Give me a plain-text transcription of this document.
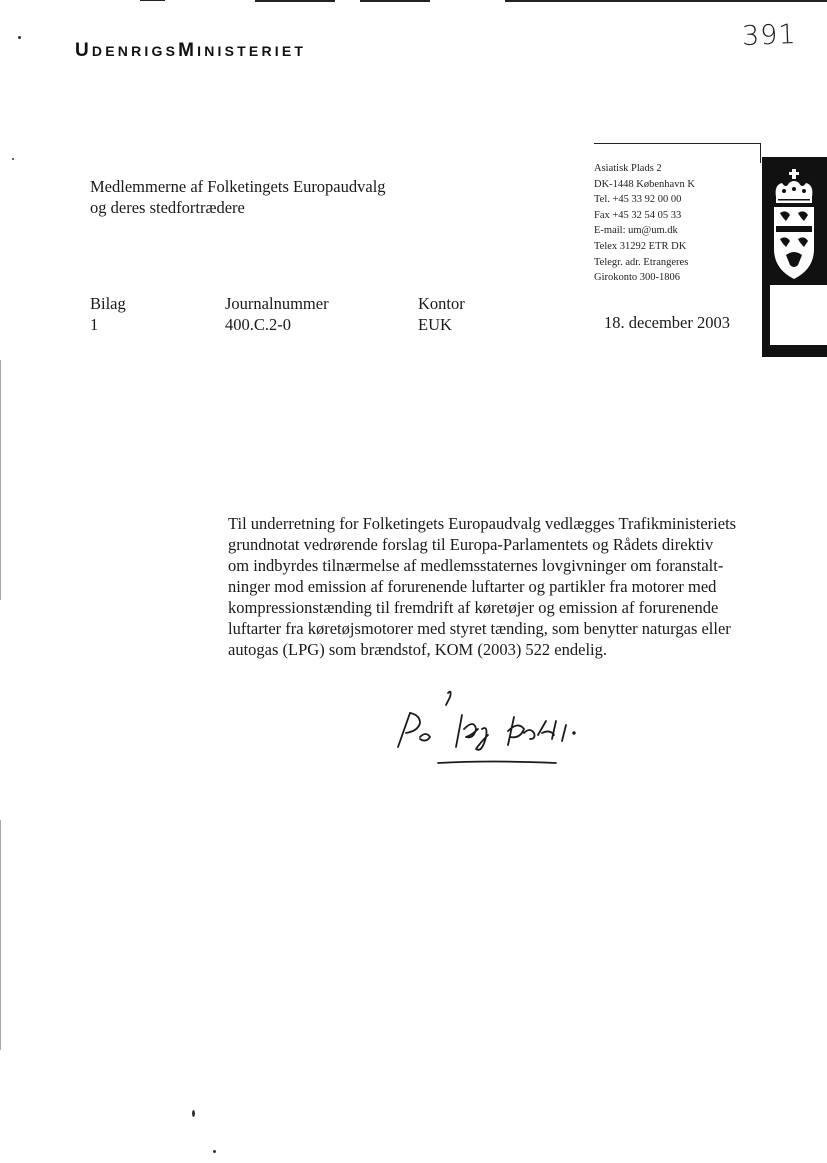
UDENRIGSMINISTERIET	391
Medlemmerne af Folketingets Europaudvalg
og deres stedfortrædere
Asiatisk Plads 2
DK-1448 København K
Tel. +45 33 92 00 00
Fax +45 32 54 05 33
E-mail: um@um.dk
Telex 31292 ETR DK
Telegr. adr. Etrangeres
Girokonto 300-1806
Bilag
1
Journalnummer
400.C.2-0
Kontor
EUK	18. december 2003

Til underretning for Folketingets Europaudvalg vedlægges Trafikministeriets

grundnotat vedrørende forslag til Europa-Parlamentets og Rådets direktiv

om indbyrdes tilnærmelse af medlemsstaternes lovgivninger om foranstalt-

ninger mod emission af forurenende luftarter og partikler fra motorer med

kompressionstænding til fremdrift af køretøjer og emission af forurenende

luftarter fra køretøjsmotorer med styret tænding, som benytter naturgas eller

autogas (LPG) som brændstof, KOM (2003) 522 endelig.
